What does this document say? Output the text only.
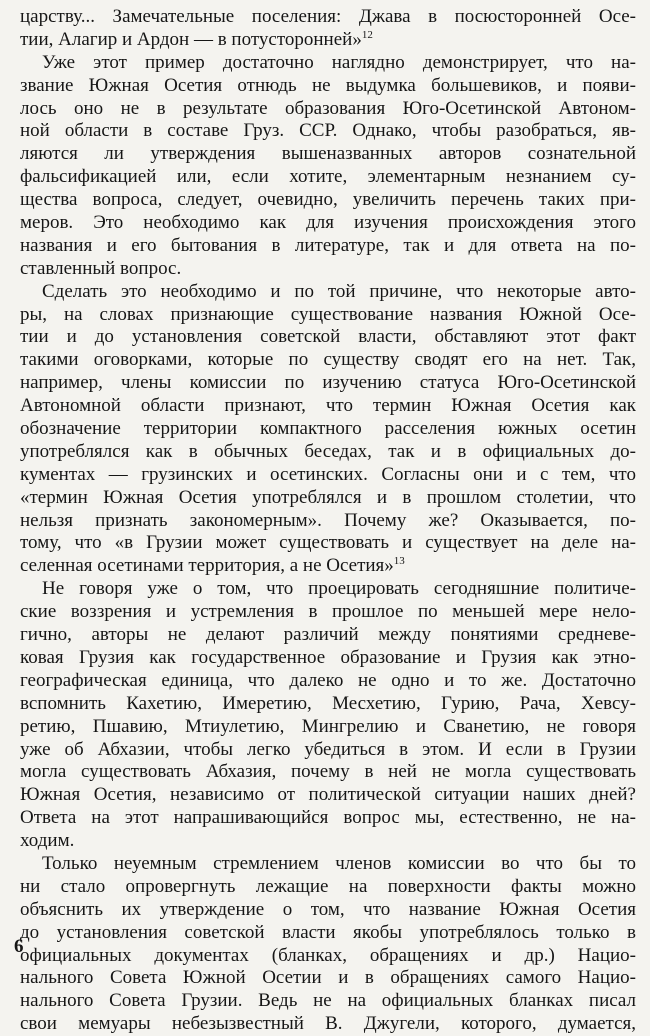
царству... Замечательные поселения: Джава в посюсторонней Осе-
тии, Алагир и Ардон — в потусторонней»$^{12}$
Уже этот пример достаточно наглядно демонстрирует, что на-
звание Южная Осетия отнюдь не выдумка большевиков, и появи-
лось оно не в результате образования Юго-Осетинской Автоном-
ной области в составе Груз. ССР. Однако, чтобы разобраться, яв-
ляются ли утверждения вышеназванных авторов сознательной
фальсификацией или, если хотите, элементарным незнанием су-
щества вопроса, следует, очевидно, увеличить перечень таких при-
меров. Это необходимо как для изучения происхождения этого
названия и его бытования в литературе, так и для ответа на по-
ставленный вопрос.
Сделать это необходимо и по той причине, что некоторые авто-
ры, на словах признающие существование названия Южной Осе-
тии и до установления советской власти, обставляют этот факт
такими оговорками, которые по существу сводят его на нет. Так,
например, члены комиссии по изучению статуса Юго-Осетинской
Автономной области признают, что термин Южная Осетия как
обозначение территории компактного расселения южных осетин
употреблялся как в обычных беседах, так и в официальных до-
кументах — грузинских и осетинских. Согласны они и с тем, что
«термин Южная Осетия употреблялся и в прошлом столетии, что
нельзя признать закономерным». Почему же? Оказывается, по-
тому, что «в Грузии может существовать и существует на деле на-
селенная осетинами территория, а не Осетия»$^{13}$
Не говоря уже о том, что проецировать сегодняшние политиче-
ские воззрения и устремления в прошлое по меньшей мере нело-
гично, авторы не делают различий между понятиями средневе-
ковая Грузия как государственное образование и Грузия как этно-
географическая единица, что далеко не одно и то же. Достаточно
вспомнить Кахетию, Имеретию, Месхетию, Гурию, Рача, Хевсу-
ретию, Пшавию, Мтиулетию, Мингрелию и Сванетию, не говоря
уже об Абхазии, чтобы легко убедиться в этом. И если в Грузии
могла существовать Абхазия, почему в ней не могла существовать
Южная Осетия, независимо от политической ситуации наших дней?
Ответа на этот напрашивающийся вопрос мы, естественно, не на-
ходим.
Только неуемным стремлением членов комиссии во что бы то
ни стало опровергнуть лежащие на поверхности факты можно
объяснить их утверждение о том, что название Южная Осетия
до установления советской власти якобы употреблялось только в
официальных документах (бланках, обращениях и др.) Нацио-
нального Совета Южной Осетии и в обращениях самого Нацио-
нального Совета Грузии. Ведь не на официальных бланках писал
свои мемуары небезызвестный В. Джугели, которого, думается,
6
